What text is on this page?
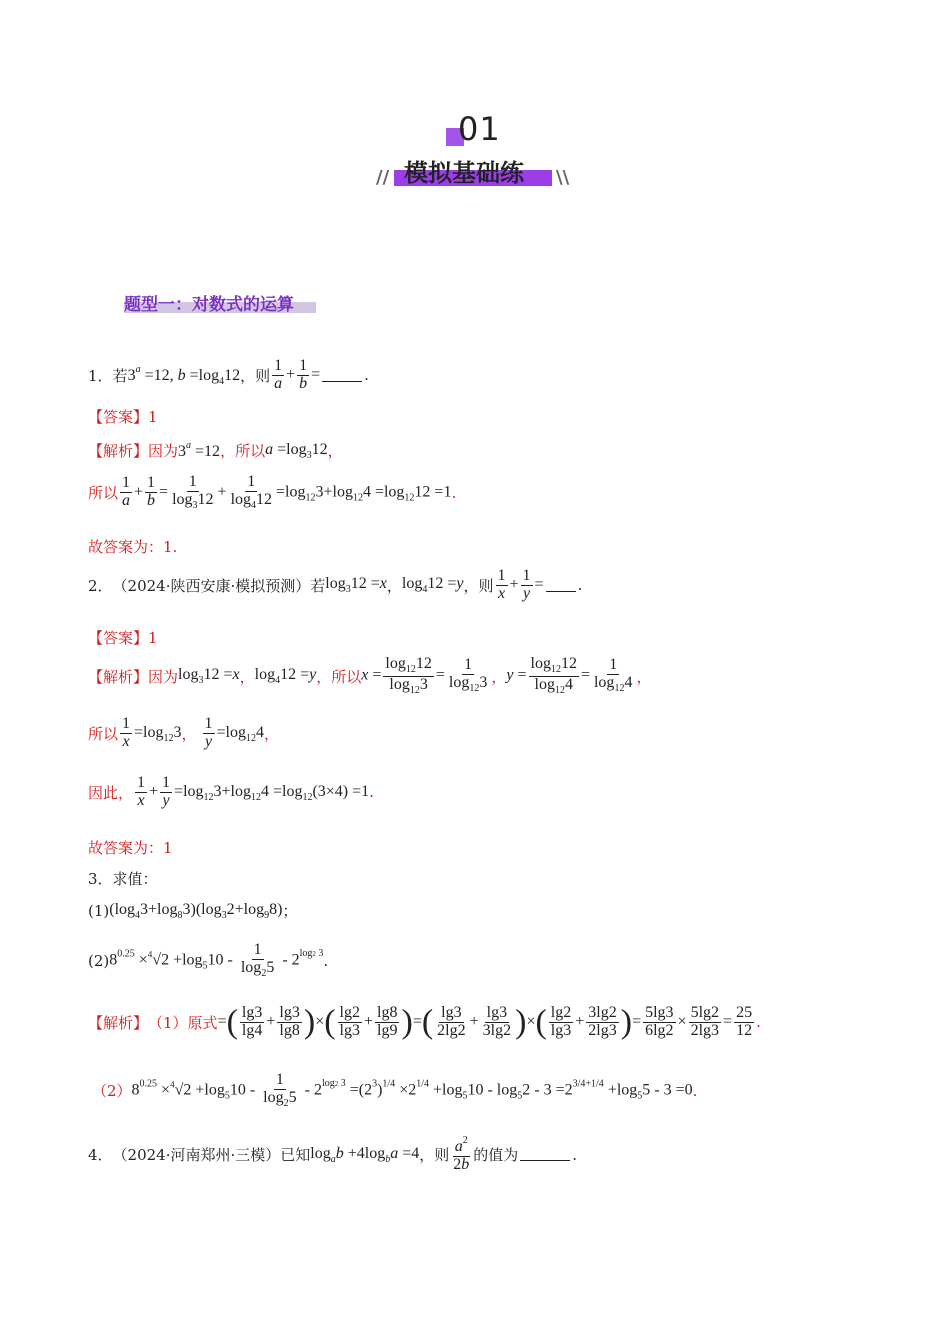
01
// 模拟基础练 \\
题型一：对数式的运算
1． 若 $3^a =12$, $b =\log_412$ ， 则 $\frac{1}{a} + \frac{1}{b}$ =	.
【答案】 1
【解析】 因为 $3^a =12$ ， 所以 $a =\log_312$ ，
所以 $\frac{1}{a} + \frac{1}{b} = \frac{1}{\log_312} + \frac{1}{\log_412} =\log_{12}3+\log_{12}4 =\log_{12}12 =1$ .
故答案为： 1.
2． （2024·陕西安康·模拟预测） 若 $\log_312 =x$ ， $\log_412 =y$ ， 则 $\frac{1}{x} + \frac{1}{y}$ = .
【答案】 1
【解析】 因为 $\log_312 =x$ ， $\log_412 =y$ ， 所以 $x = \frac{\log_{12}12}{\log_{12}3} = \frac{1}{\log_{12}3}$ ， $y = \frac{\log_{12}12}{\log_{12}4} = \frac{1}{\log_{12}4}$ ，
所以 $\frac{1}{x} =\log_{12}3$ ，
$\frac{1}{y} =\log_{12}4$ ，
因此， $\frac{1}{x} + \frac{1}{y} =\log_{12}3+\log_{12}4 =\log_{12}(3\times 4) =1$ .
故答案为： 1
3． 求值：
(1) $(\log_43+\log_83)(\log_32+\log_98)$ ；
(2) $8^{0.25} \times^4√2 +\log_510 - \frac{1}{\log_25} - 2^{log2 3}$ .
【解析】 （1）原式 =( $\frac{\lg 3}{\lg 4} + \frac{\lg 3}{\lg 8}$ )×( $\frac{\lg 2}{\lg 3} + \frac{\lg 8}{\lg 9}$ )=( $\frac{\lg 3}{2\lg 2} + \frac{\lg 3}{3\lg 2}$ )×( $\frac{\lg 2}{\lg 3} + \frac{3\lg 2}{2\lg 3}$ )= $\frac{5\lg 3}{6\lg 2} \times \frac{5\lg 2}{2\lg 3} = \frac{25}{12}$ .
（2） $8^{0.25} \times^4√2 +\log_510 - \frac{1}{\log_25} - 2^{log2 3} =(2^3)^{1/4} \times 2^{1/4} +\log_510 - \log_52 - 3 =2^{3/4+1/4} +\log_55 - 3 =0$ .
4． （2024·河南郑州·三模） 已知 $\log_ab +4\log_ba =4$ ， 则 $\frac{a^2}{2b}$ 的值为	.
